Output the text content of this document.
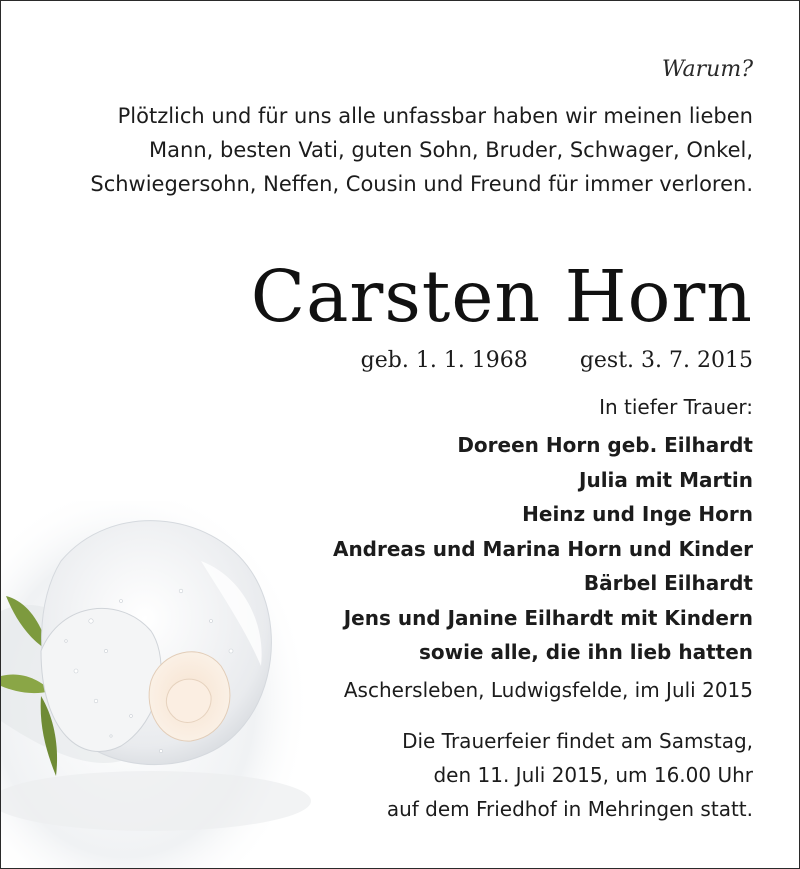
Warum?
Plötzlich und für uns alle unfassbar haben wir meinen lieben Mann, besten Vati, guten Sohn, Bruder, Schwager, Onkel, Schwiegersohn, Neffen, Cousin und Freund für immer verloren.
Carsten Horn
geb. 1. 1. 1968 gest. 3. 7. 2015
In tiefer Trauer:
Doreen Horn geb. Eilhardt
Julia mit Martin
Heinz und Inge Horn
Andreas und Marina Horn und Kinder
Bärbel Eilhardt
Jens und Janine Eilhardt mit Kindern
sowie alle, die ihn lieb hatten
Aschersleben, Ludwigsfelde, im Juli 2015
Die Trauerfeier findet am Samstag,
den 11. Juli 2015, um 16.00 Uhr
auf dem Friedhof in Mehringen statt.
